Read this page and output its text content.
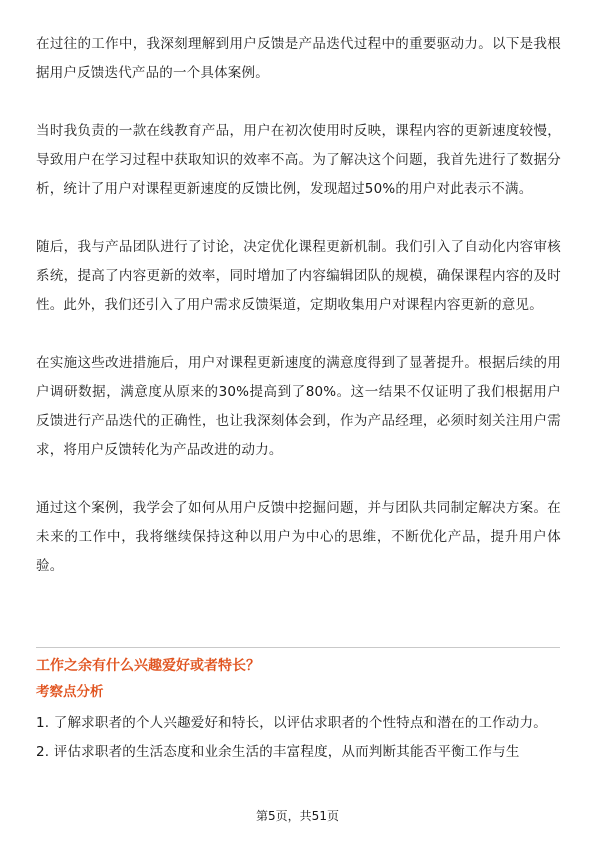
在过往的工作中，我深刻理解到用户反馈是产品迭代过程中的重要驱动力。以下是我根据用户反馈迭代产品的一个具体案例。

当时我负责的一款在线教育产品，用户在初次使用时反映，课程内容的更新速度较慢，导致用户在学习过程中获取知识的效率不高。为了解决这个问题，我首先进行了数据分析，统计了用户对课程更新速度的反馈比例，发现超过50%的用户对此表示不满。

随后，我与产品团队进行了讨论，决定优化课程更新机制。我们引入了自动化内容审核系统，提高了内容更新的效率，同时增加了内容编辑团队的规模，确保课程内容的及时性。此外，我们还引入了用户需求反馈渠道，定期收集用户对课程内容更新的意见。

在实施这些改进措施后，用户对课程更新速度的满意度得到了显著提升。根据后续的用户调研数据，满意度从原来的30%提高到了80%。这一结果不仅证明了我们根据用户反馈进行产品迭代的正确性，也让我深刻体会到，作为产品经理，必须时刻关注用户需求，将用户反馈转化为产品改进的动力。

通过这个案例，我学会了如何从用户反馈中挖掘问题，并与团队共同制定解决方案。在未来的工作中，我将继续保持这种以用户为中心的思维，不断优化产品，提升用户体验。

工作之余有什么兴趣爱好或者特长？
考察点分析
1. 了解求职者的个人兴趣爱好和特长，以评估求职者的个性特点和潜在的工作动力。
2. 评估求职者的生活态度和业余生活的丰富程度，从而判断其能否平衡工作与生
第5页，共51页
